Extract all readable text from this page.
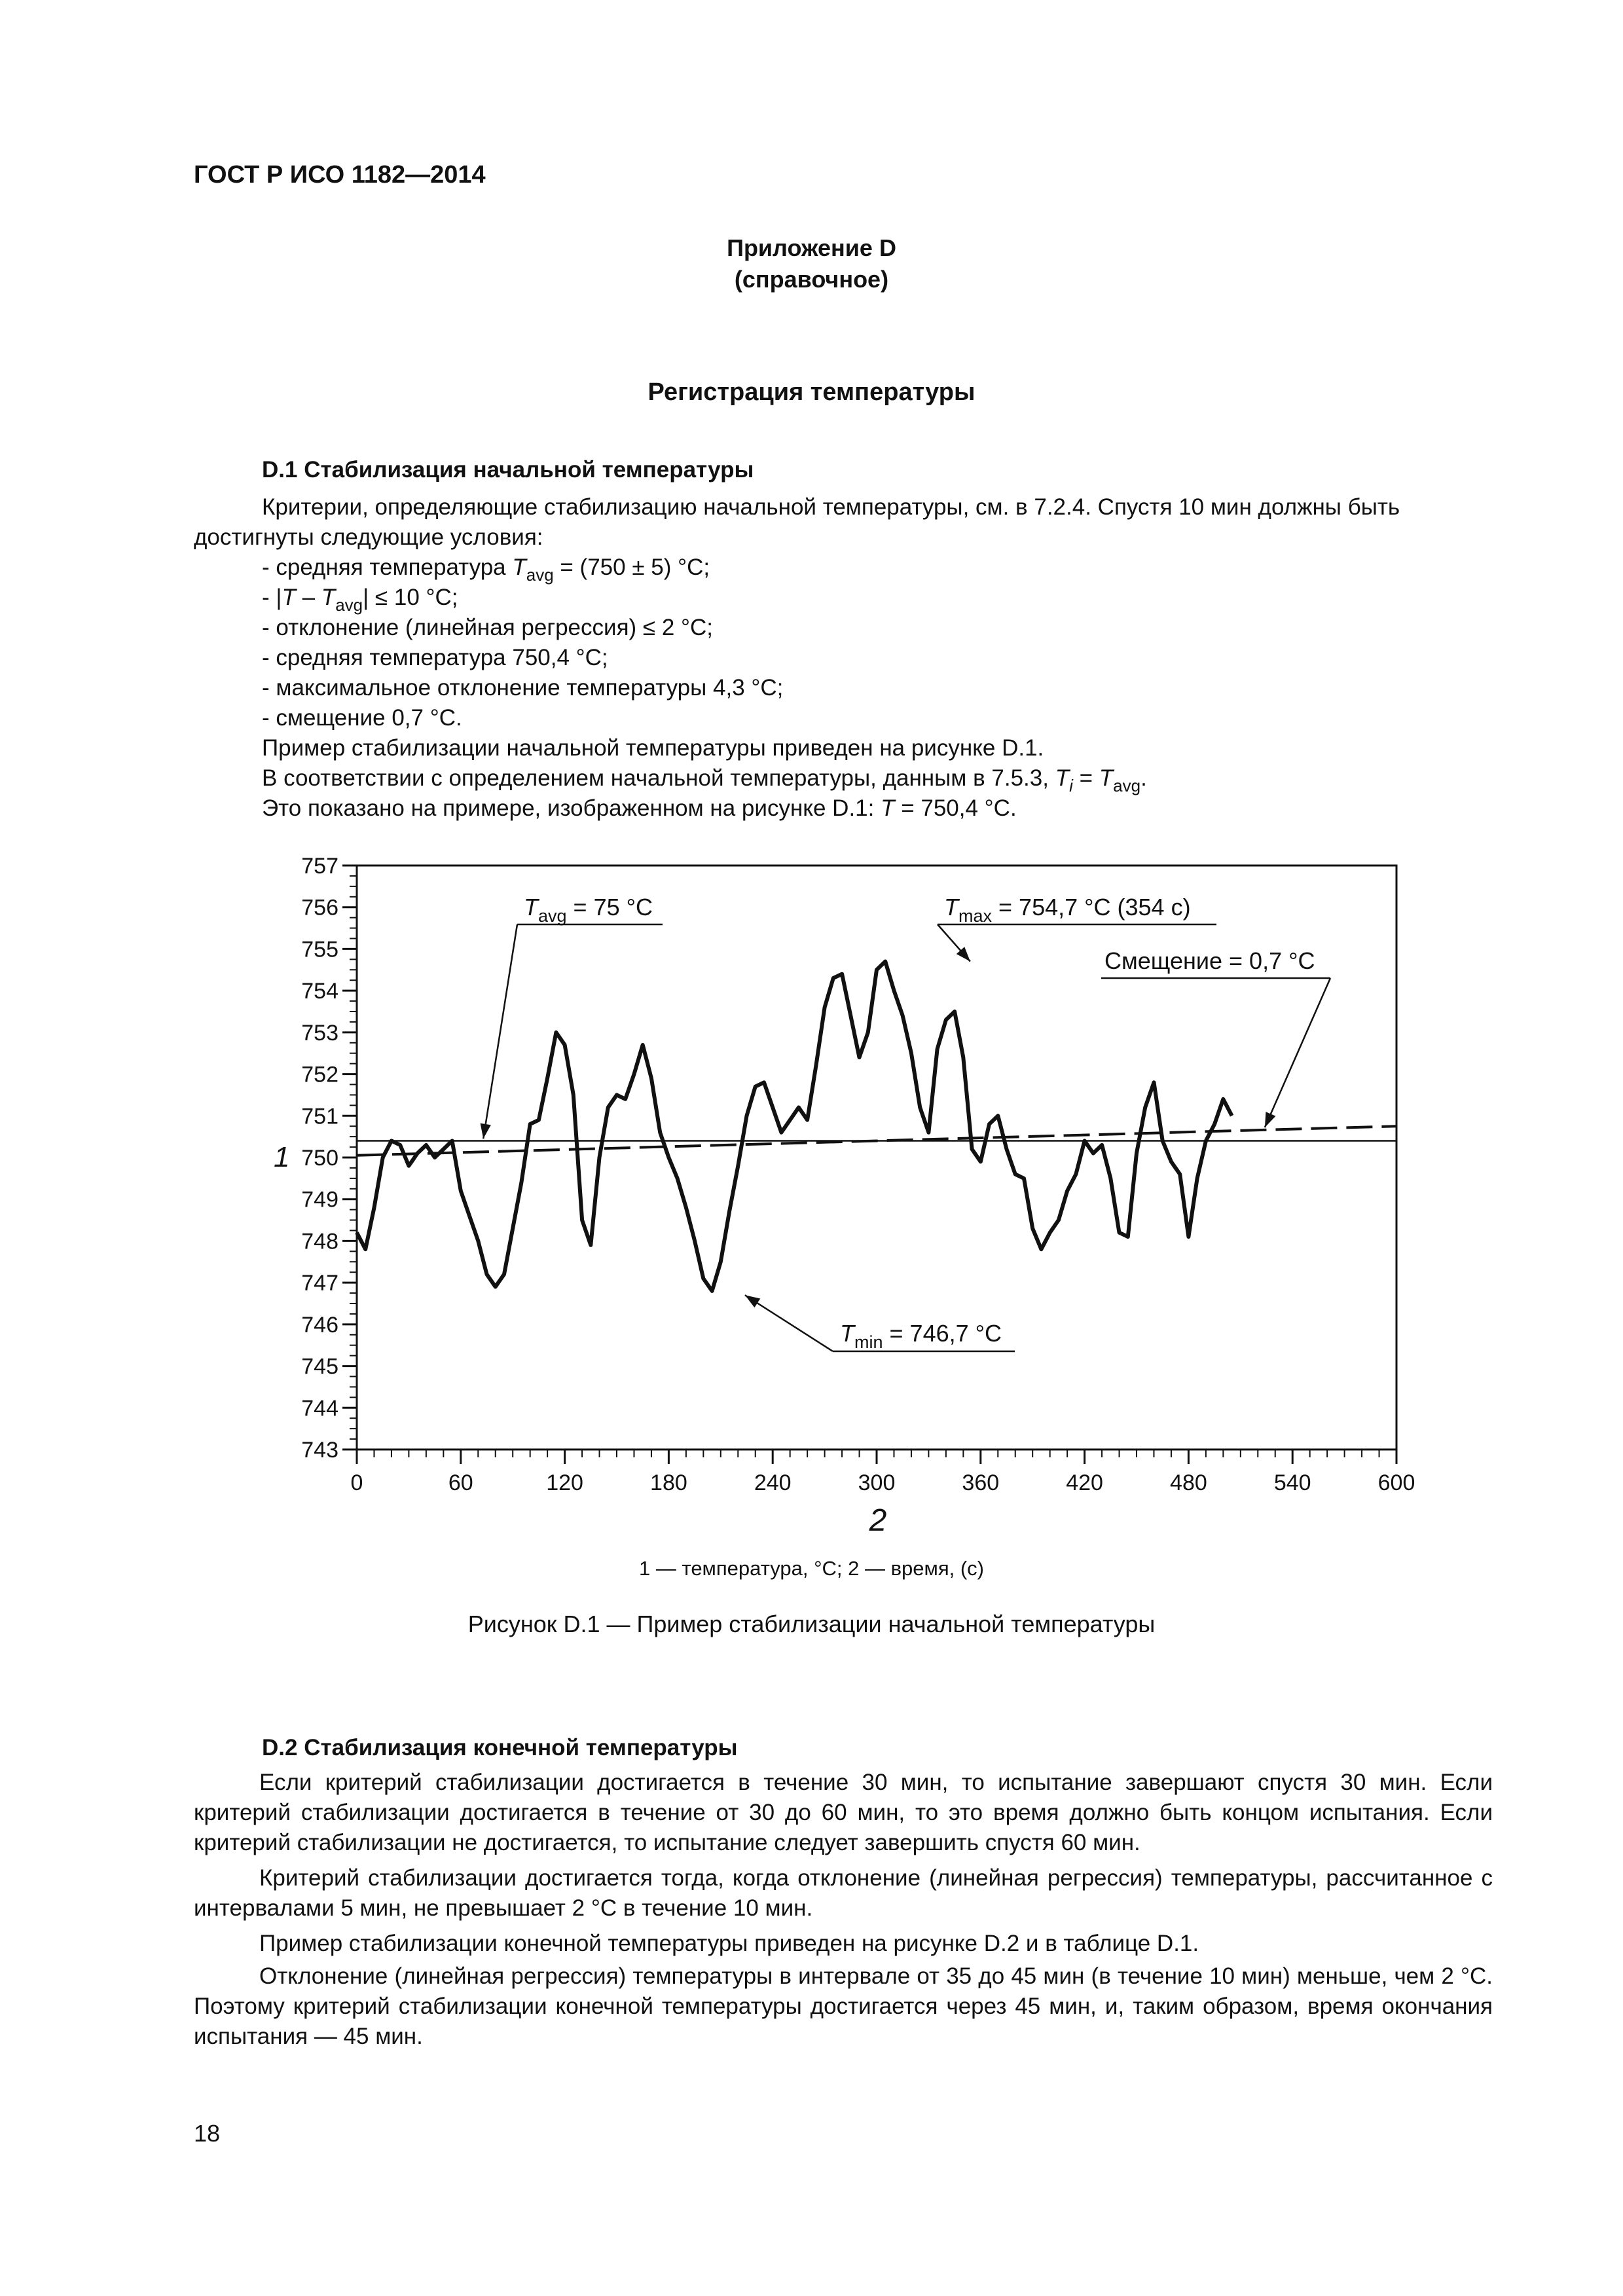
ГОСТ Р ИСО 1182—2014
Приложение D
(справочное)
Регистрация температуры
D.1 Стабилизация начальной температуры
Критерии, определяющие стабилизацию начальной температуры, см. в 7.2.4. Спустя 10 мин должны быть
достигнуты следующие условия:
- средняя температура $T_{avg} = (750 \pm 5)$ °C;
- $|T - T_{avg}| \le 10$ °C;
- отклонение (линейная регрессия) ≤ 2 °C;
- средняя температура 750,4 °C;
- максимальное отклонение температуры 4,3 °C;
- смещение 0,7 °C.
Пример стабилизации начальной температуры приведен на рисунке D.1.
В соответствии с определением начальной температуры, данным в 7.5.3, $T_i = T_{avg}$.
Это показано на примере, изображенном на рисунке D.1: T = 750,4 °C.
757
756
755
754
753
752
751
750
749
748
747
746
745
744
743
0	60	120	180	240	300	360	420	480	540	600
1
2
$T_{avg} = 75$ °C	$T_{max} = 754,7$ °C (354 с)
Смещение = 0,7 °C
$T_{min} = 746,7$ °C
1 — температура, °C; 2 — время, (с)
Рисунок D.1 — Пример стабилизации начальной температуры
D.2 Стабилизация конечной температуры
Если критерий стабилизации достигается в течение 30 мин, то испытание завершают спустя 30 мин. Если критерий стабилизации достигается в течение от 30 до 60 мин, то это время должно быть концом испытания. Если критерий стабилизации не достигается, то испытание следует завершить спустя 60 мин.
Критерий стабилизации достигается тогда, когда отклонение (линейная регрессия) температуры, рассчитанное с интервалами 5 мин, не превышает 2 °C в течение 10 мин.
Пример стабилизации конечной температуры приведен на рисунке D.2 и в таблице D.1.
Отклонение (линейная регрессия) температуры в интервале от 35 до 45 мин (в течение 10 мин) меньше, чем 2 °C. Поэтому критерий стабилизации конечной температуры достигается через 45 мин, и, таким образом, время окончания испытания — 45 мин.
18
